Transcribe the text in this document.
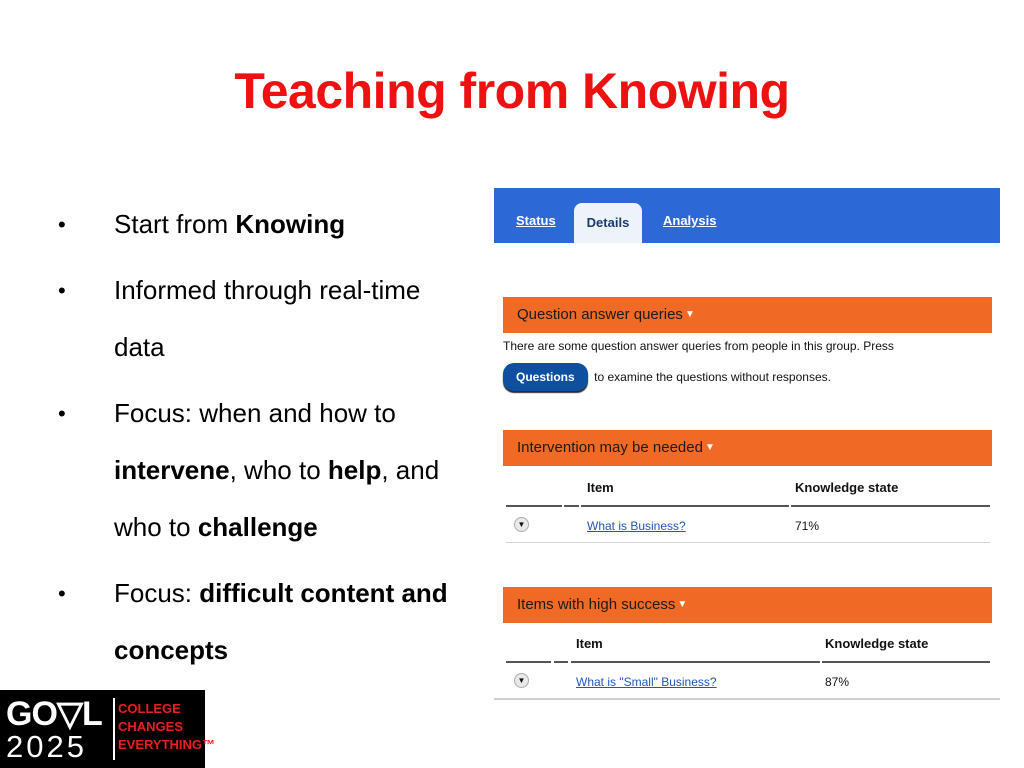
Teaching from Knowing
• Start from Knowing
• Informed through real-time data
• Focus: when and how to intervene, who to help, and who to challenge
• Focus: difficult content and concepts
Status	Details	Analysis
Question answer queries ▼
There are some question answer queries from people in this group. Press
Questions to examine the questions without responses.
Intervention may be needed ▼
Item	Knowledge state
▼	What is Business?	71%
Items with high success ▼
Item	Knowledge state
▼	What is "Small" Business?	87%
GO▽L
2025
COLLEGE
CHANGES
EVERYTHING™
